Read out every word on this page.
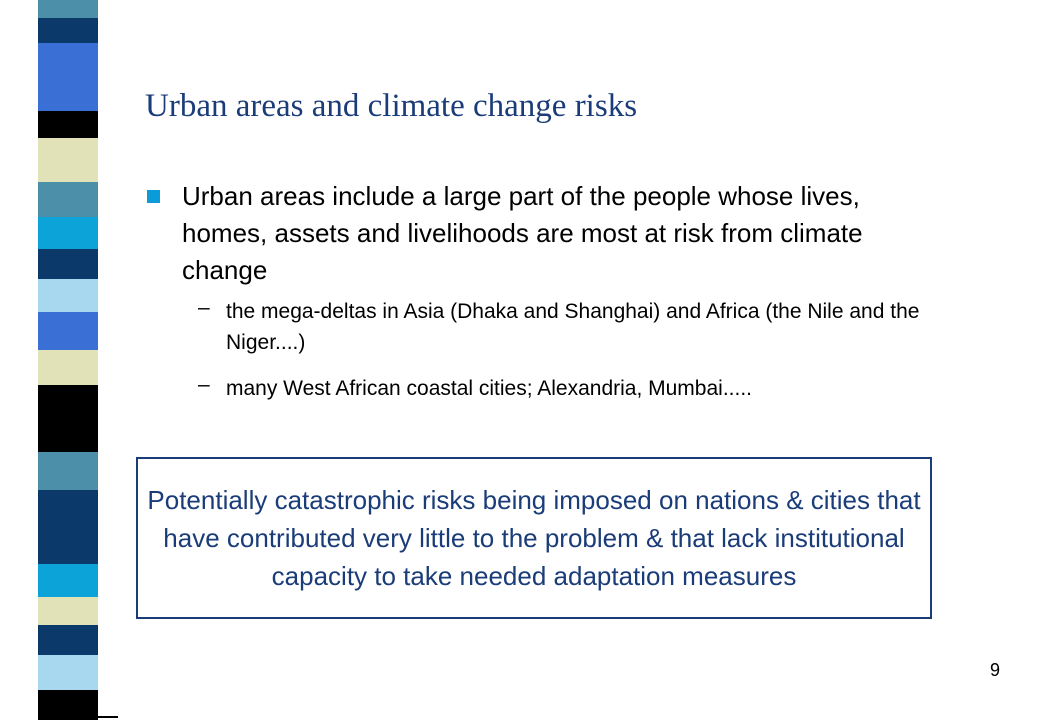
Urban areas and climate change risks
Urban areas include a large part of the people whose lives, homes, assets and livelihoods are most at risk from climate change
– the mega-deltas in Asia (Dhaka and Shanghai) and Africa (the Nile and the Niger....)
– many West African coastal cities; Alexandria, Mumbai.....
Potentially catastrophic risks being imposed on nations & cities that have contributed very little to the problem & that lack institutional capacity to take needed adaptation measures
9
